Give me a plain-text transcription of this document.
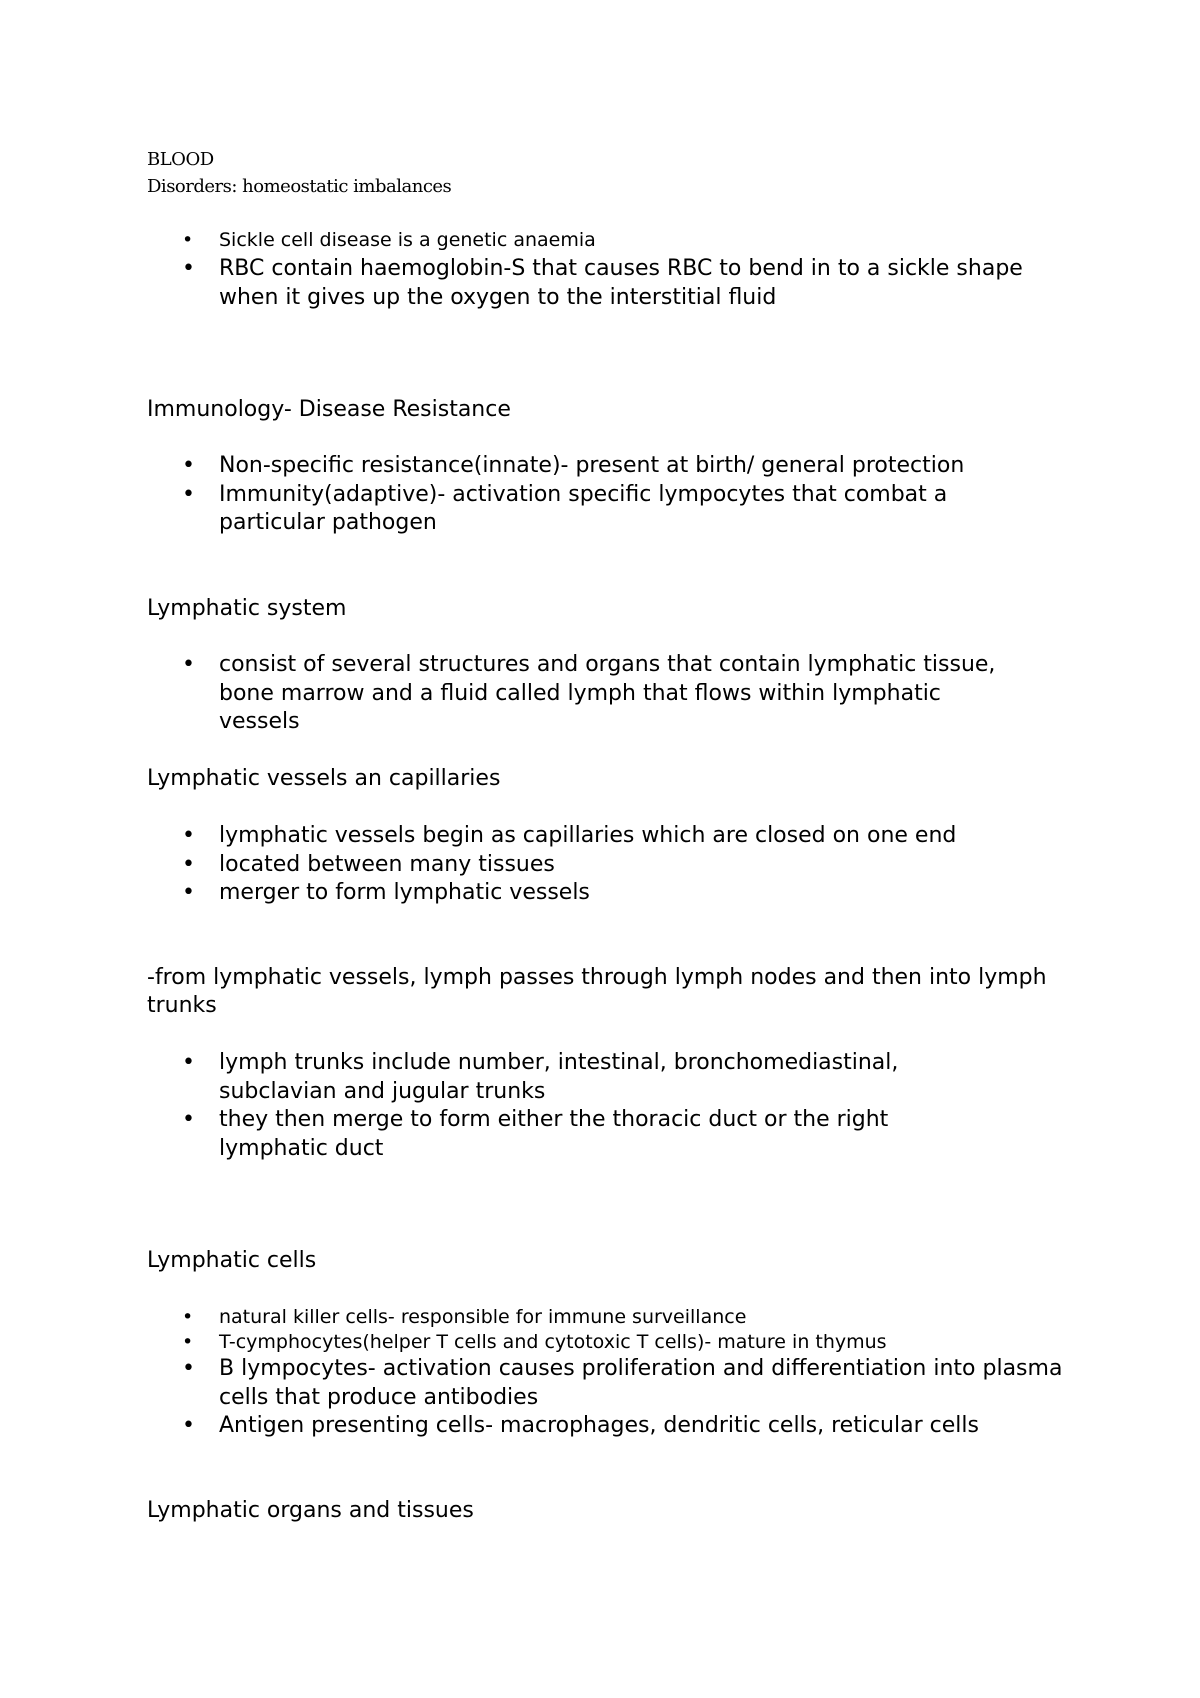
BLOOD
Disorders: homeostatic imbalances
• Sickle cell disease is a genetic anaemia
• RBC contain haemoglobin-S that causes RBC to bend in to a sickle shape when it gives up the oxygen to the interstitial fluid
Immunology- Disease Resistance
• Non-specific resistance(innate)- present at birth/ general protection
• Immunity(adaptive)- activation specific lympocytes that combat a particular pathogen
Lymphatic system
• consist of several structures and organs that contain lymphatic tissue, bone marrow and a fluid called lymph that flows within lymphatic vessels
Lymphatic vessels an capillaries
• lymphatic vessels begin as capillaries which are closed on one end
• located between many tissues
• merger to form lymphatic vessels
-from lymphatic vessels, lymph passes through lymph nodes and then into lymph trunks
• lymph trunks include number, intestinal, bronchomediastinal, subclavian and jugular trunks
• they then merge to form either the thoracic duct or the right lymphatic duct
Lymphatic cells
• natural killer cells- responsible for immune surveillance
• T-cymphocytes(helper T cells and cytotoxic T cells)- mature in thymus
• B lympocytes- activation causes proliferation and differentiation into plasma cells that produce antibodies
• Antigen presenting cells- macrophages, dendritic cells, reticular cells
Lymphatic organs and tissues
